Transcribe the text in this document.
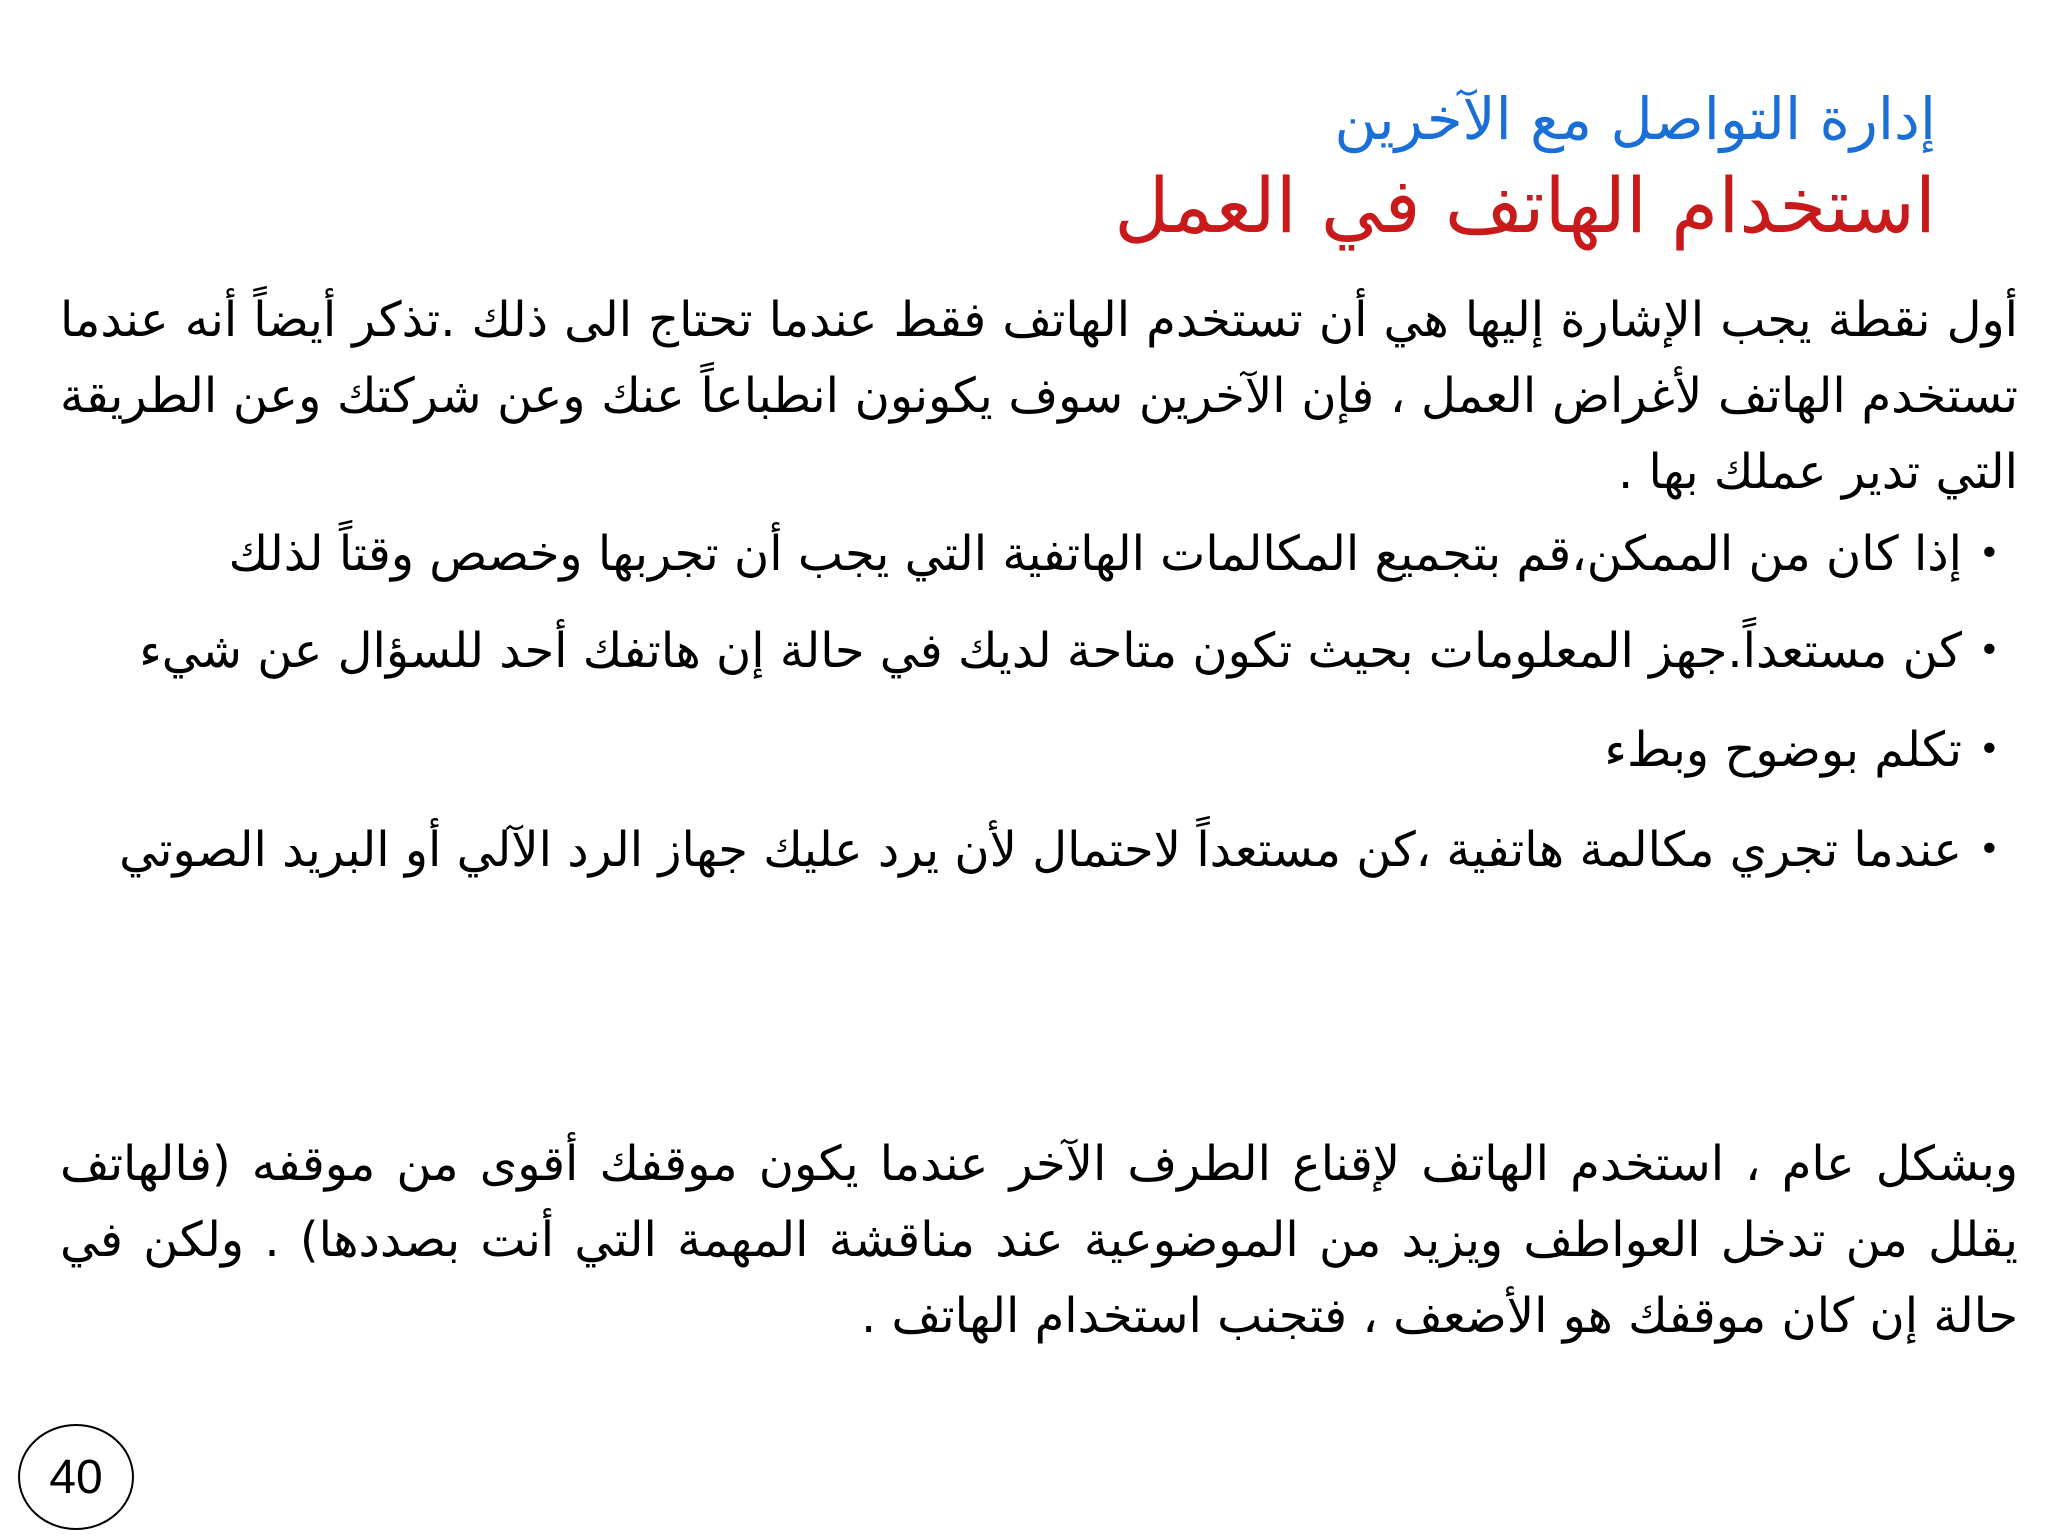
إدارة التواصل مع الآخرين
استخدام الهاتف في العمل
أول نقطة يجب الإشارة إليها هي أن تستخدم الهاتف فقط عندما تحتاج الى ذلك .تذكر أيضاً أنه عندما تستخدم الهاتف لأغراض العمل ، فإن الآخرين سوف يكونون انطباعاً عنك وعن شركتك وعن الطريقة التي تدير عملك بها .
•
إذا كان من الممكن،قم بتجميع المكالمات الهاتفية التي يجب أن تجربها وخصص وقتاً لذلك
•
كن مستعداً.جهز المعلومات بحيث تكون متاحة لديك في حالة إن هاتفك أحد للسؤال عن شيء
•
تكلم بوضوح وبطء
•
عندما تجري مكالمة هاتفية ،كن مستعداً لاحتمال لأن يرد عليك جهاز الرد الآلي أو البريد الصوتي
وبشكل عام ، استخدم الهاتف لإقناع الطرف الآخر عندما يكون موقفك أقوى من موقفه (فالهاتف يقلل من تدخل العواطف ويزيد من الموضوعية عند مناقشة المهمة التي أنت بصددها) . ولكن في حالة إن كان موقفك هو الأضعف ، فتجنب استخدام الهاتف .
40
